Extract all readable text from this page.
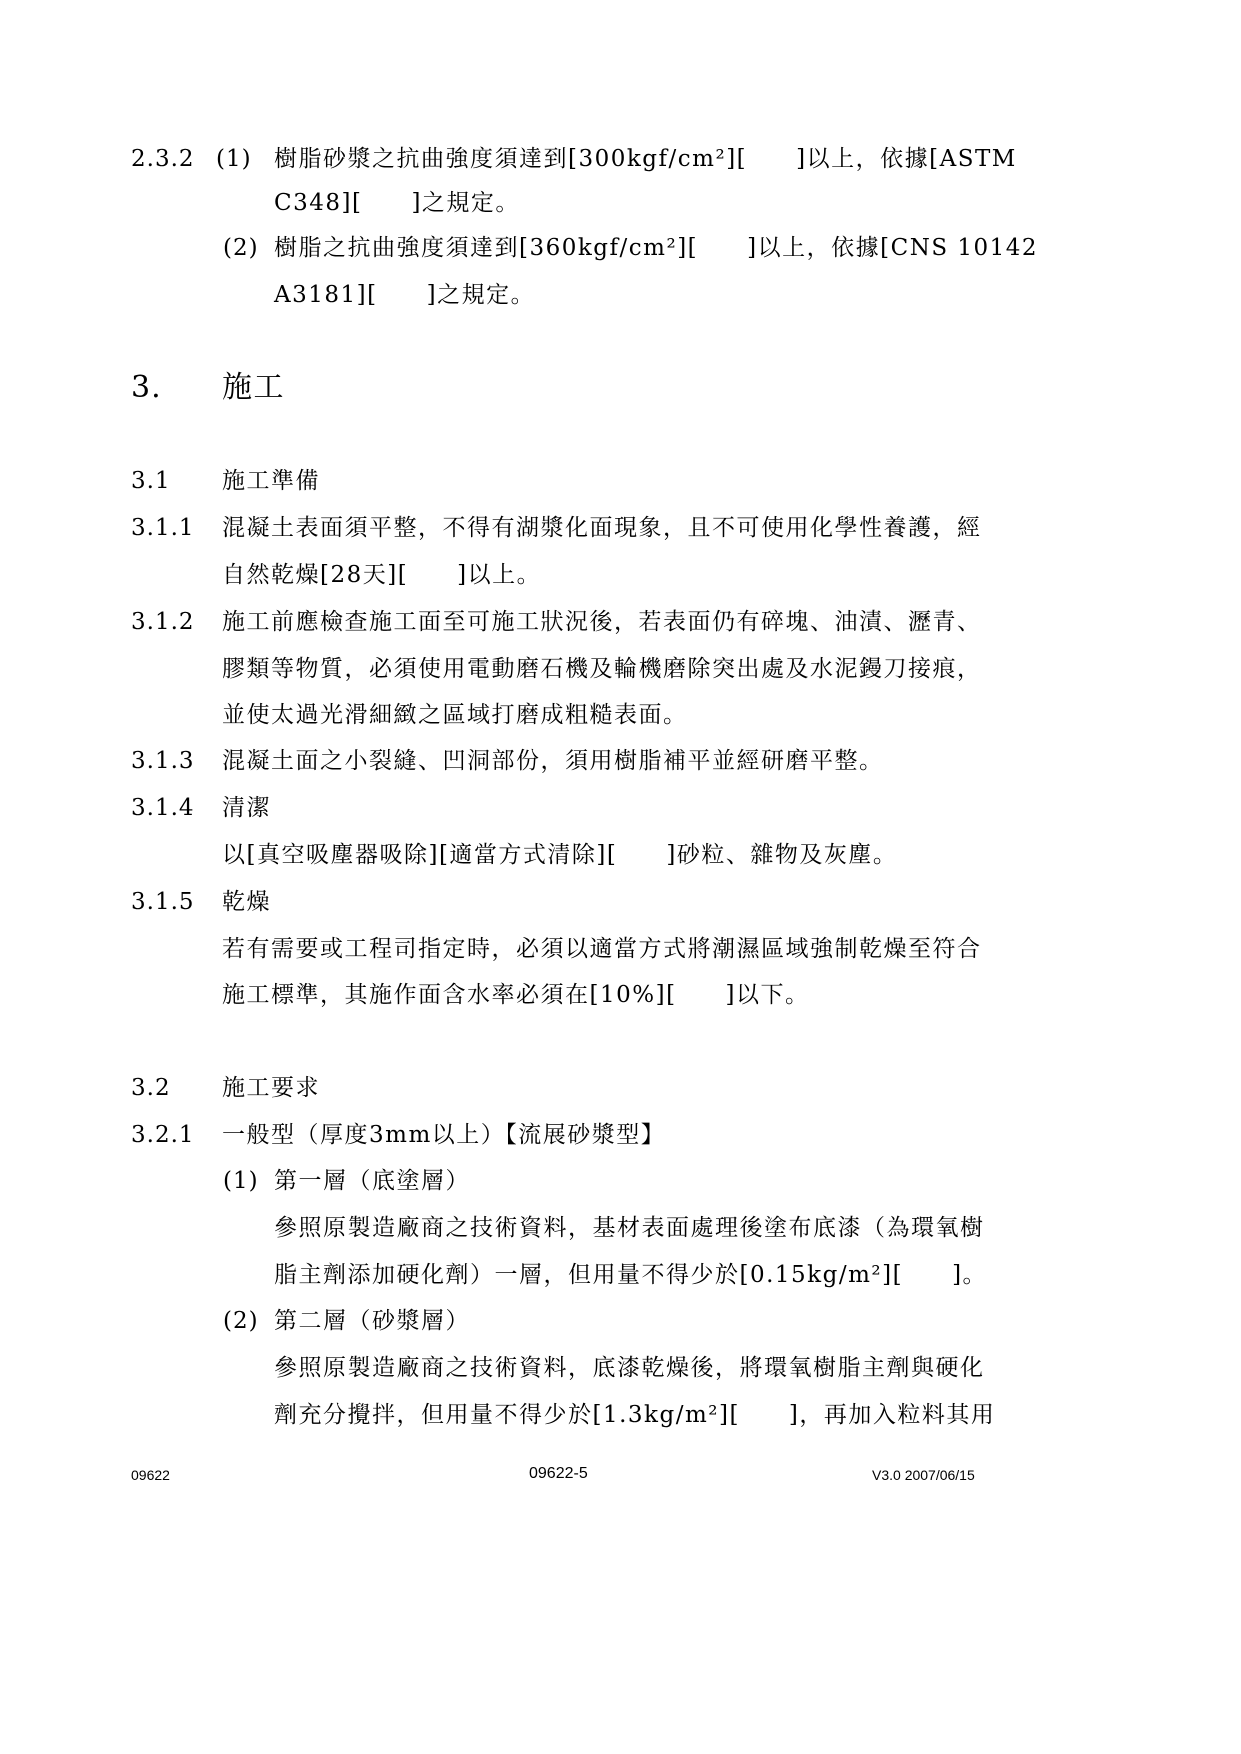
2.3.2 (1) 樹脂砂漿之抗曲強度須達到[300kgf/cm²][　　]以上，依據[ASTM
C348][　　]之規定。
(2) 樹脂之抗曲強度須達到[360kgf/cm²][　　]以上，依據[CNS 10142
A3181][　　]之規定。
3. 施工
3.1 施工準備
3.1.1 混凝土表面須平整，不得有湖漿化面現象，且不可使用化學性養護，經
自然乾燥[28天][　　]以上。
3.1.2 施工前應檢查施工面至可施工狀況後，若表面仍有碎塊、油漬、瀝青、
膠類等物質，必須使用電動磨石機及輪機磨除突出處及水泥鏝刀接痕，
並使太過光滑細緻之區域打磨成粗糙表面。
3.1.3 混凝土面之小裂縫、凹洞部份，須用樹脂補平並經研磨平整。
3.1.4 清潔
以[真空吸塵器吸除][適當方式清除][　　]砂粒、雜物及灰塵。
3.1.5 乾燥
若有需要或工程司指定時，必須以適當方式將潮濕區域強制乾燥至符合
施工標準，其施作面含水率必須在[10%][　　]以下。
3.2 施工要求
3.2.1 一般型（厚度3mm以上）【流展砂漿型】
(1) 第一層（底塗層）
參照原製造廠商之技術資料，基材表面處理後塗布底漆（為環氧樹
脂主劑添加硬化劑）一層，但用量不得少於[0.15kg/m²][　　]。
(2) 第二層（砂漿層）
參照原製造廠商之技術資料，底漆乾燥後，將環氧樹脂主劑與硬化
劑充分攪拌，但用量不得少於[1.3kg/m²][　　]，再加入粒料其用
09622	09622-5	V3.0 2007/06/15
